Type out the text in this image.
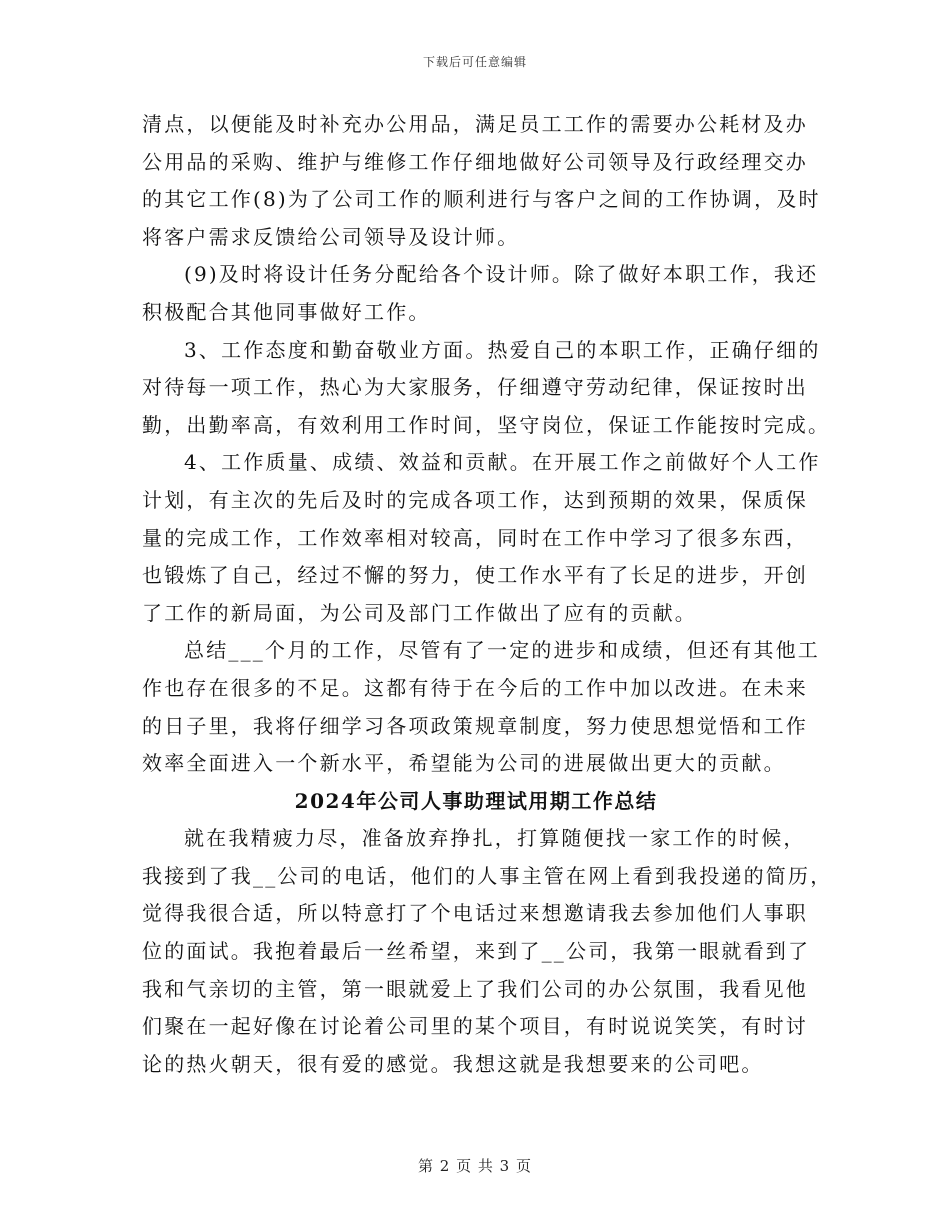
下载后可任意编辑
清点，以便能及时补充办公用品，满足员工工作的需要办公耗材及办
公用品的采购、维护与维修工作仔细地做好公司领导及行政经理交办
的其它工作(8)为了公司工作的顺利进行与客户之间的工作协调，及时
将客户需求反馈给公司领导及设计师。
(9)及时将设计任务分配给各个设计师。除了做好本职工作，我还
积极配合其他同事做好工作。
3、工作态度和勤奋敬业方面。热爱自己的本职工作，正确仔细的
对待每一项工作，热心为大家服务，仔细遵守劳动纪律，保证按时出
勤，出勤率高，有效利用工作时间，坚守岗位，保证工作能按时完成。
4、工作质量、成绩、效益和贡献。在开展工作之前做好个人工作
计划，有主次的先后及时的完成各项工作，达到预期的效果，保质保
量的完成工作，工作效率相对较高，同时在工作中学习了很多东西，
也锻炼了自己，经过不懈的努力，使工作水平有了长足的进步，开创
了工作的新局面，为公司及部门工作做出了应有的贡献。
总结___个月的工作，尽管有了一定的进步和成绩，但还有其他工
作也存在很多的不足。这都有待于在今后的工作中加以改进。在未来
的日子里，我将仔细学习各项政策规章制度，努力使思想觉悟和工作
效率全面进入一个新水平，希望能为公司的进展做出更大的贡献。
2024年公司人事助理试用期工作总结
就在我精疲力尽，准备放弃挣扎，打算随便找一家工作的时候，
我接到了我__公司的电话，他们的人事主管在网上看到我投递的简历，
觉得我很合适，所以特意打了个电话过来想邀请我去参加他们人事职
位的面试。我抱着最后一丝希望，来到了__公司，我第一眼就看到了
我和气亲切的主管，第一眼就爱上了我们公司的办公氛围，我看见他
们聚在一起好像在讨论着公司里的某个项目，有时说说笑笑，有时讨
论的热火朝天，很有爱的感觉。我想这就是我想要来的公司吧。
第 2 页 共 3 页
